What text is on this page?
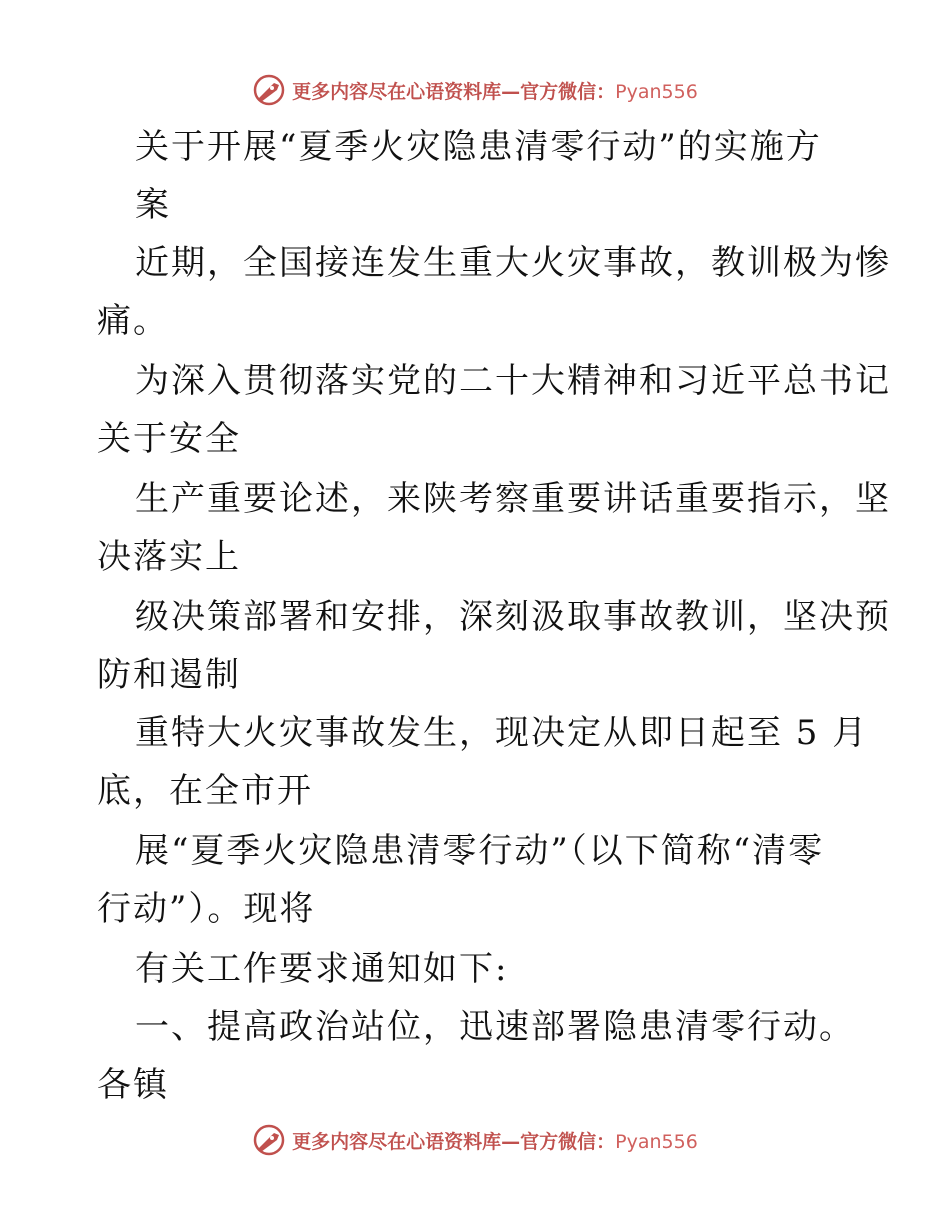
更多内容尽在心语资料库—官方微信：Pyan556
关于开展“夏季火灾隐患清零行动”的实施方
案
近期，全国接连发生重大火灾事故，教训极为惨
痛。
为深入贯彻落实党的二十大精神和习近平总书记
关于安全
生产重要论述，来陕考察重要讲话重要指示，坚
决落实上
级决策部署和安排，深刻汲取事故教训，坚决预
防和遏制
重特大火灾事故发生，现决定从即日起至 5 月
底，在全市开
展“夏季火灾隐患清零行动”（以下简称“清零
行动”）。现将
有关工作要求通知如下:
一、提高政治站位，迅速部署隐患清零行动。
各镇
更多内容尽在心语资料库—官方微信：Pyan556
